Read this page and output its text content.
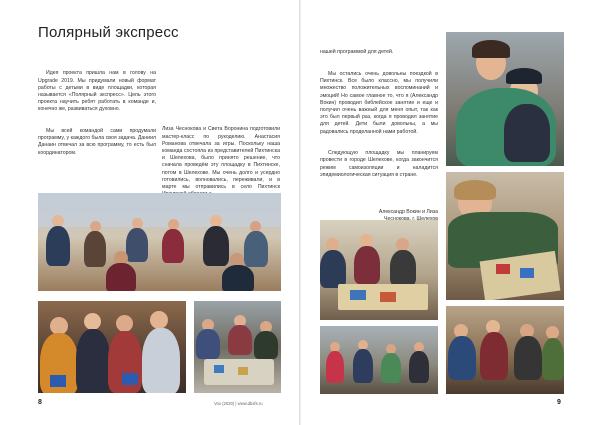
Полярный экспресс

Идея проекта пришла нам в голову на Upgrade 2019. Мы придумали новый формат работы с детьми в виде площадки, которая называется «Полярный экспресс». Цель этого проекта научить ребят работать в команде и, конечно же, развиваться духовно.

Мы всей командой сами продумали программу, у каждого была своя задача. Даниил Данаин отвечал за всю программу, то есть был координатором.

Лиза Чеснокова и Света Воронина подготовили мастер-класс по рукоделию. Анастасия Романова отвечала за игры. Поскольку наша команда состояла из представителей Пихтинска и Шелехова, было принято решение, что сначала проведём эту площадку в Пихтинске, потом в Шелехове. Мы очень долго и усердно готовились, волновались, переживали, и в марте мы отправились в село Пихтинск

8	Vox (2020) | www.dbxfs.ru

нашей программой для детей.

Мы остались очень довольны поездкой в Пихтинск. Все было классно, мы получили множество положительных воспоминаний и эмоций! Но самое главное то, что я (Александр Вокин) проводил библейское занятие и еще и получил очень важный для меня опыт, так как это был первый раз, когда я проводил занятие для детей. Дети были довольны, а мы радовались проделанной нами работой.

Следующую площадку мы планируем провести в городе Шелехове, когда закончится режим самоизоляции и наладится эпидемиологическая ситуация в стране.

Александр Вокин и Лиза

9
